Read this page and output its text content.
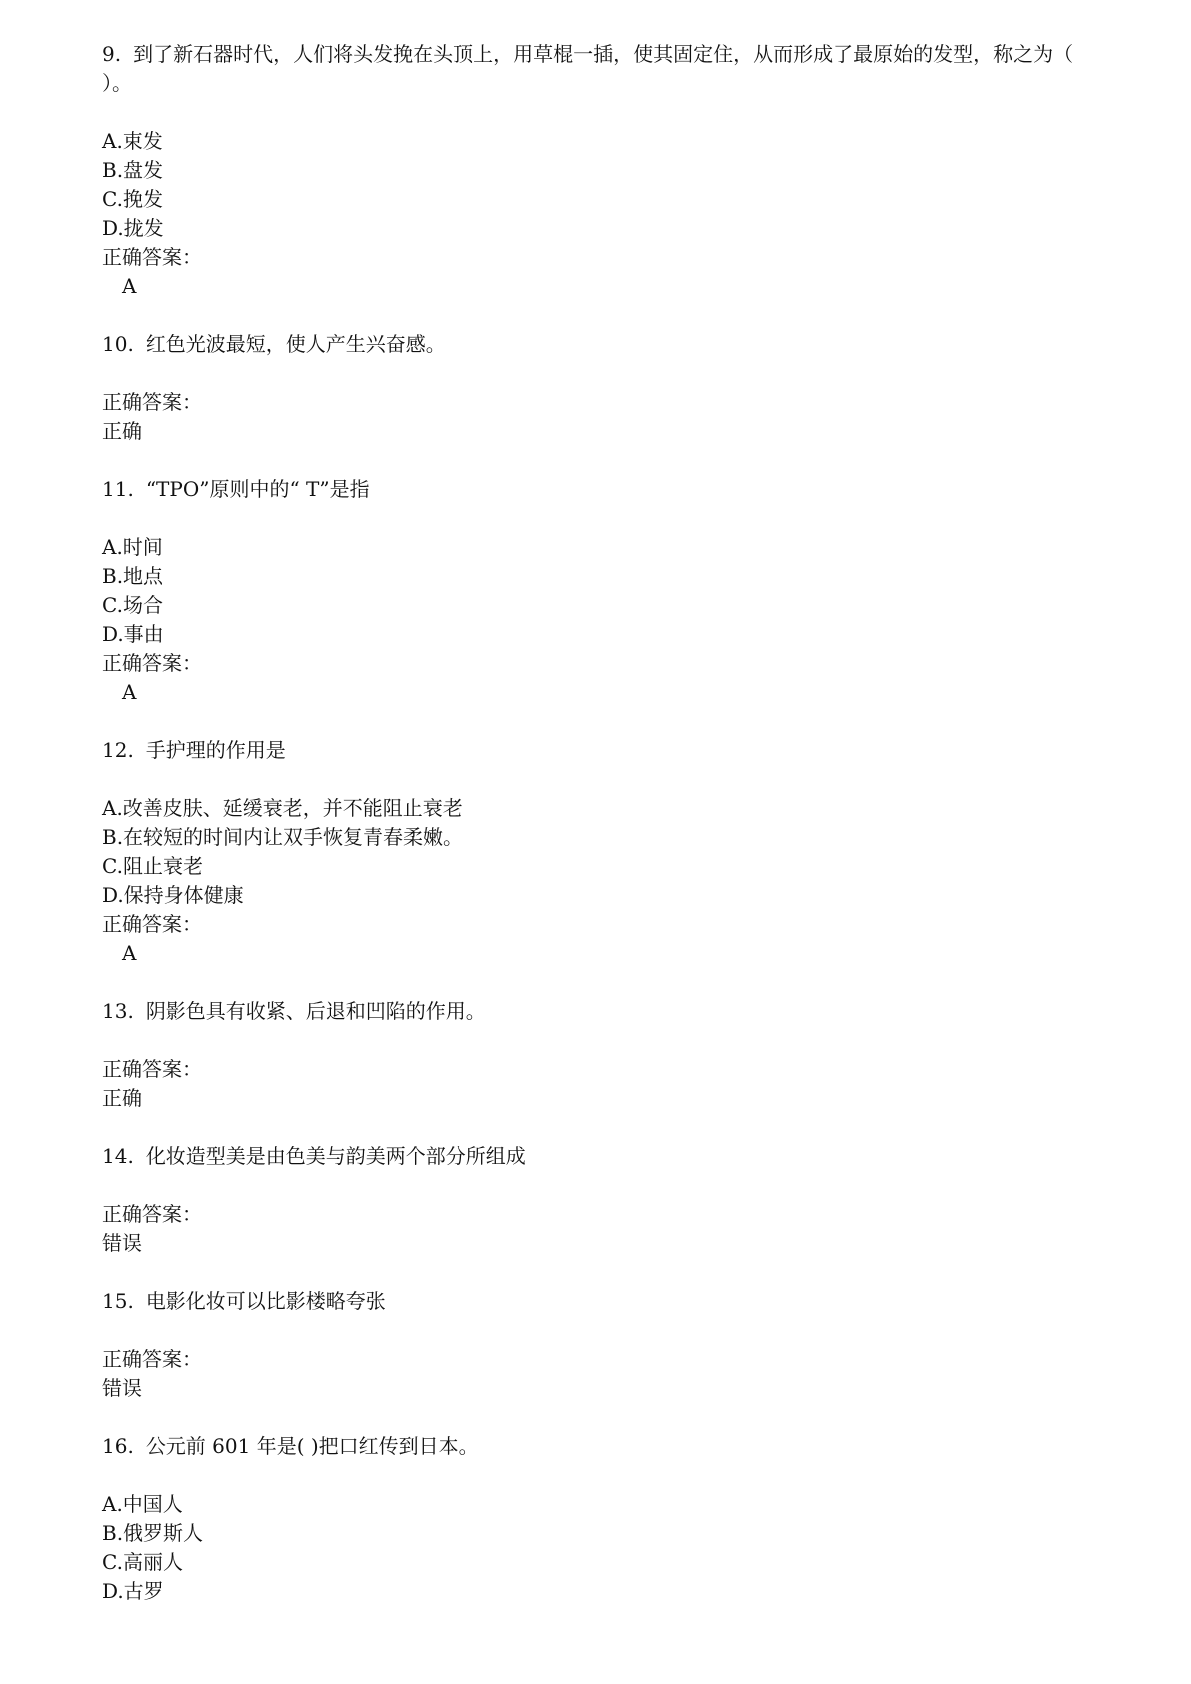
9. 到了新石器时代，人们将头发挽在头顶上，用草棍一插，使其固定住，从而形成了最原始的发型，称之为（ ）。
A.束发
B.盘发
C.挽发
D.拢发
正确答案：
A
10. 红色光波最短，使人产生兴奋感。
正确答案：
正确
11. “TPO”原则中的“ T”是指
A.时间
B.地点
C.场合
D.事由
正确答案：
A
12. 手护理的作用是
A.改善皮肤、延缓衰老，并不能阻止衰老
B.在较短的时间内让双手恢复青春柔嫩。
C.阻止衰老
D.保持身体健康
正确答案：
A
13. 阴影色具有收紧、后退和凹陷的作用。
正确答案：
正确
14. 化妆造型美是由色美与韵美两个部分所组成
正确答案：
错误
15. 电影化妆可以比影楼略夸张
正确答案：
错误
16. 公元前 601 年是( )把口红传到日本。
A.中国人
B.俄罗斯人
C.高丽人
D.古罗
